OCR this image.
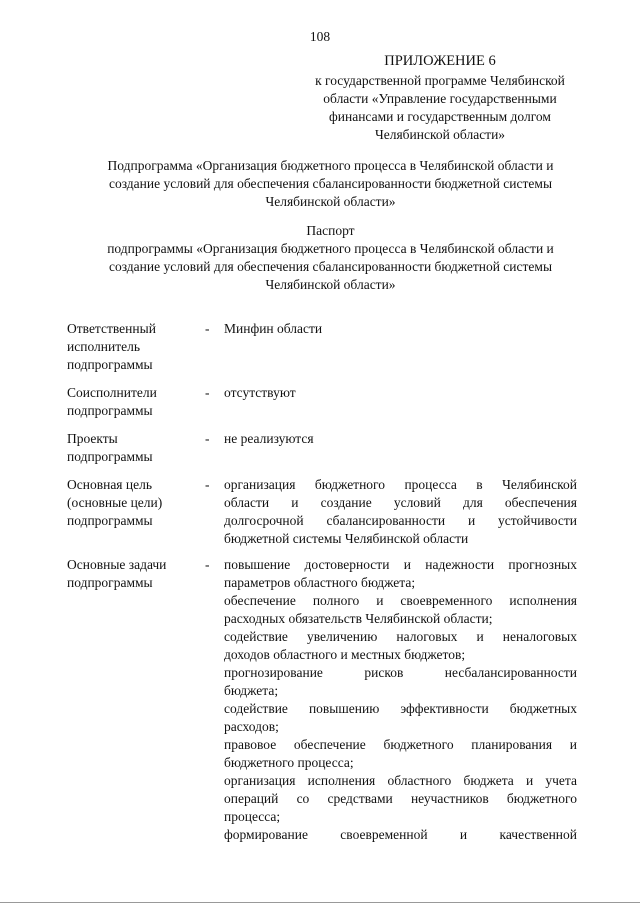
108
ПРИЛОЖЕНИЕ 6
к государственной программе Челябинской
области «Управление государственными
финансами и государственным долгом
Челябинской области»
Подпрограмма «Организация бюджетного процесса в Челябинской области и
создание условий для обеспечения сбалансированности бюджетной системы
Челябинской области»
Паспорт
подпрограммы «Организация бюджетного процесса в Челябинской области и
создание условий для обеспечения сбалансированности бюджетной системы
Челябинской области»
Ответственный
исполнитель
подпрограммы
-	Минфин области
Соисполнители
подпрограммы
-	отсутствуют
Проекты
подпрограммы
-	не реализуются
Основная цель
(основные цели)
подпрограммы
-	организация бюджетного процесса в Челябинской
области и создание условий для обеспечения
долгосрочной сбалансированности и устойчивости
бюджетной системы Челябинской области
Основные задачи
подпрограммы
-	повышение достоверности и надежности прогнозных
параметров областного бюджета;
обеспечение полного и своевременного исполнения
расходных обязательств Челябинской области;
содействие увеличению налоговых и неналоговых
доходов областного и местных бюджетов;
прогнозирование рисков несбалансированности
бюджета;
содействие повышению эффективности бюджетных
расходов;
правовое обеспечение бюджетного планирования и
бюджетного процесса;
организация исполнения областного бюджета и учета
операций со средствами неучастников бюджетного
процесса;
формирование своевременной и качественной
